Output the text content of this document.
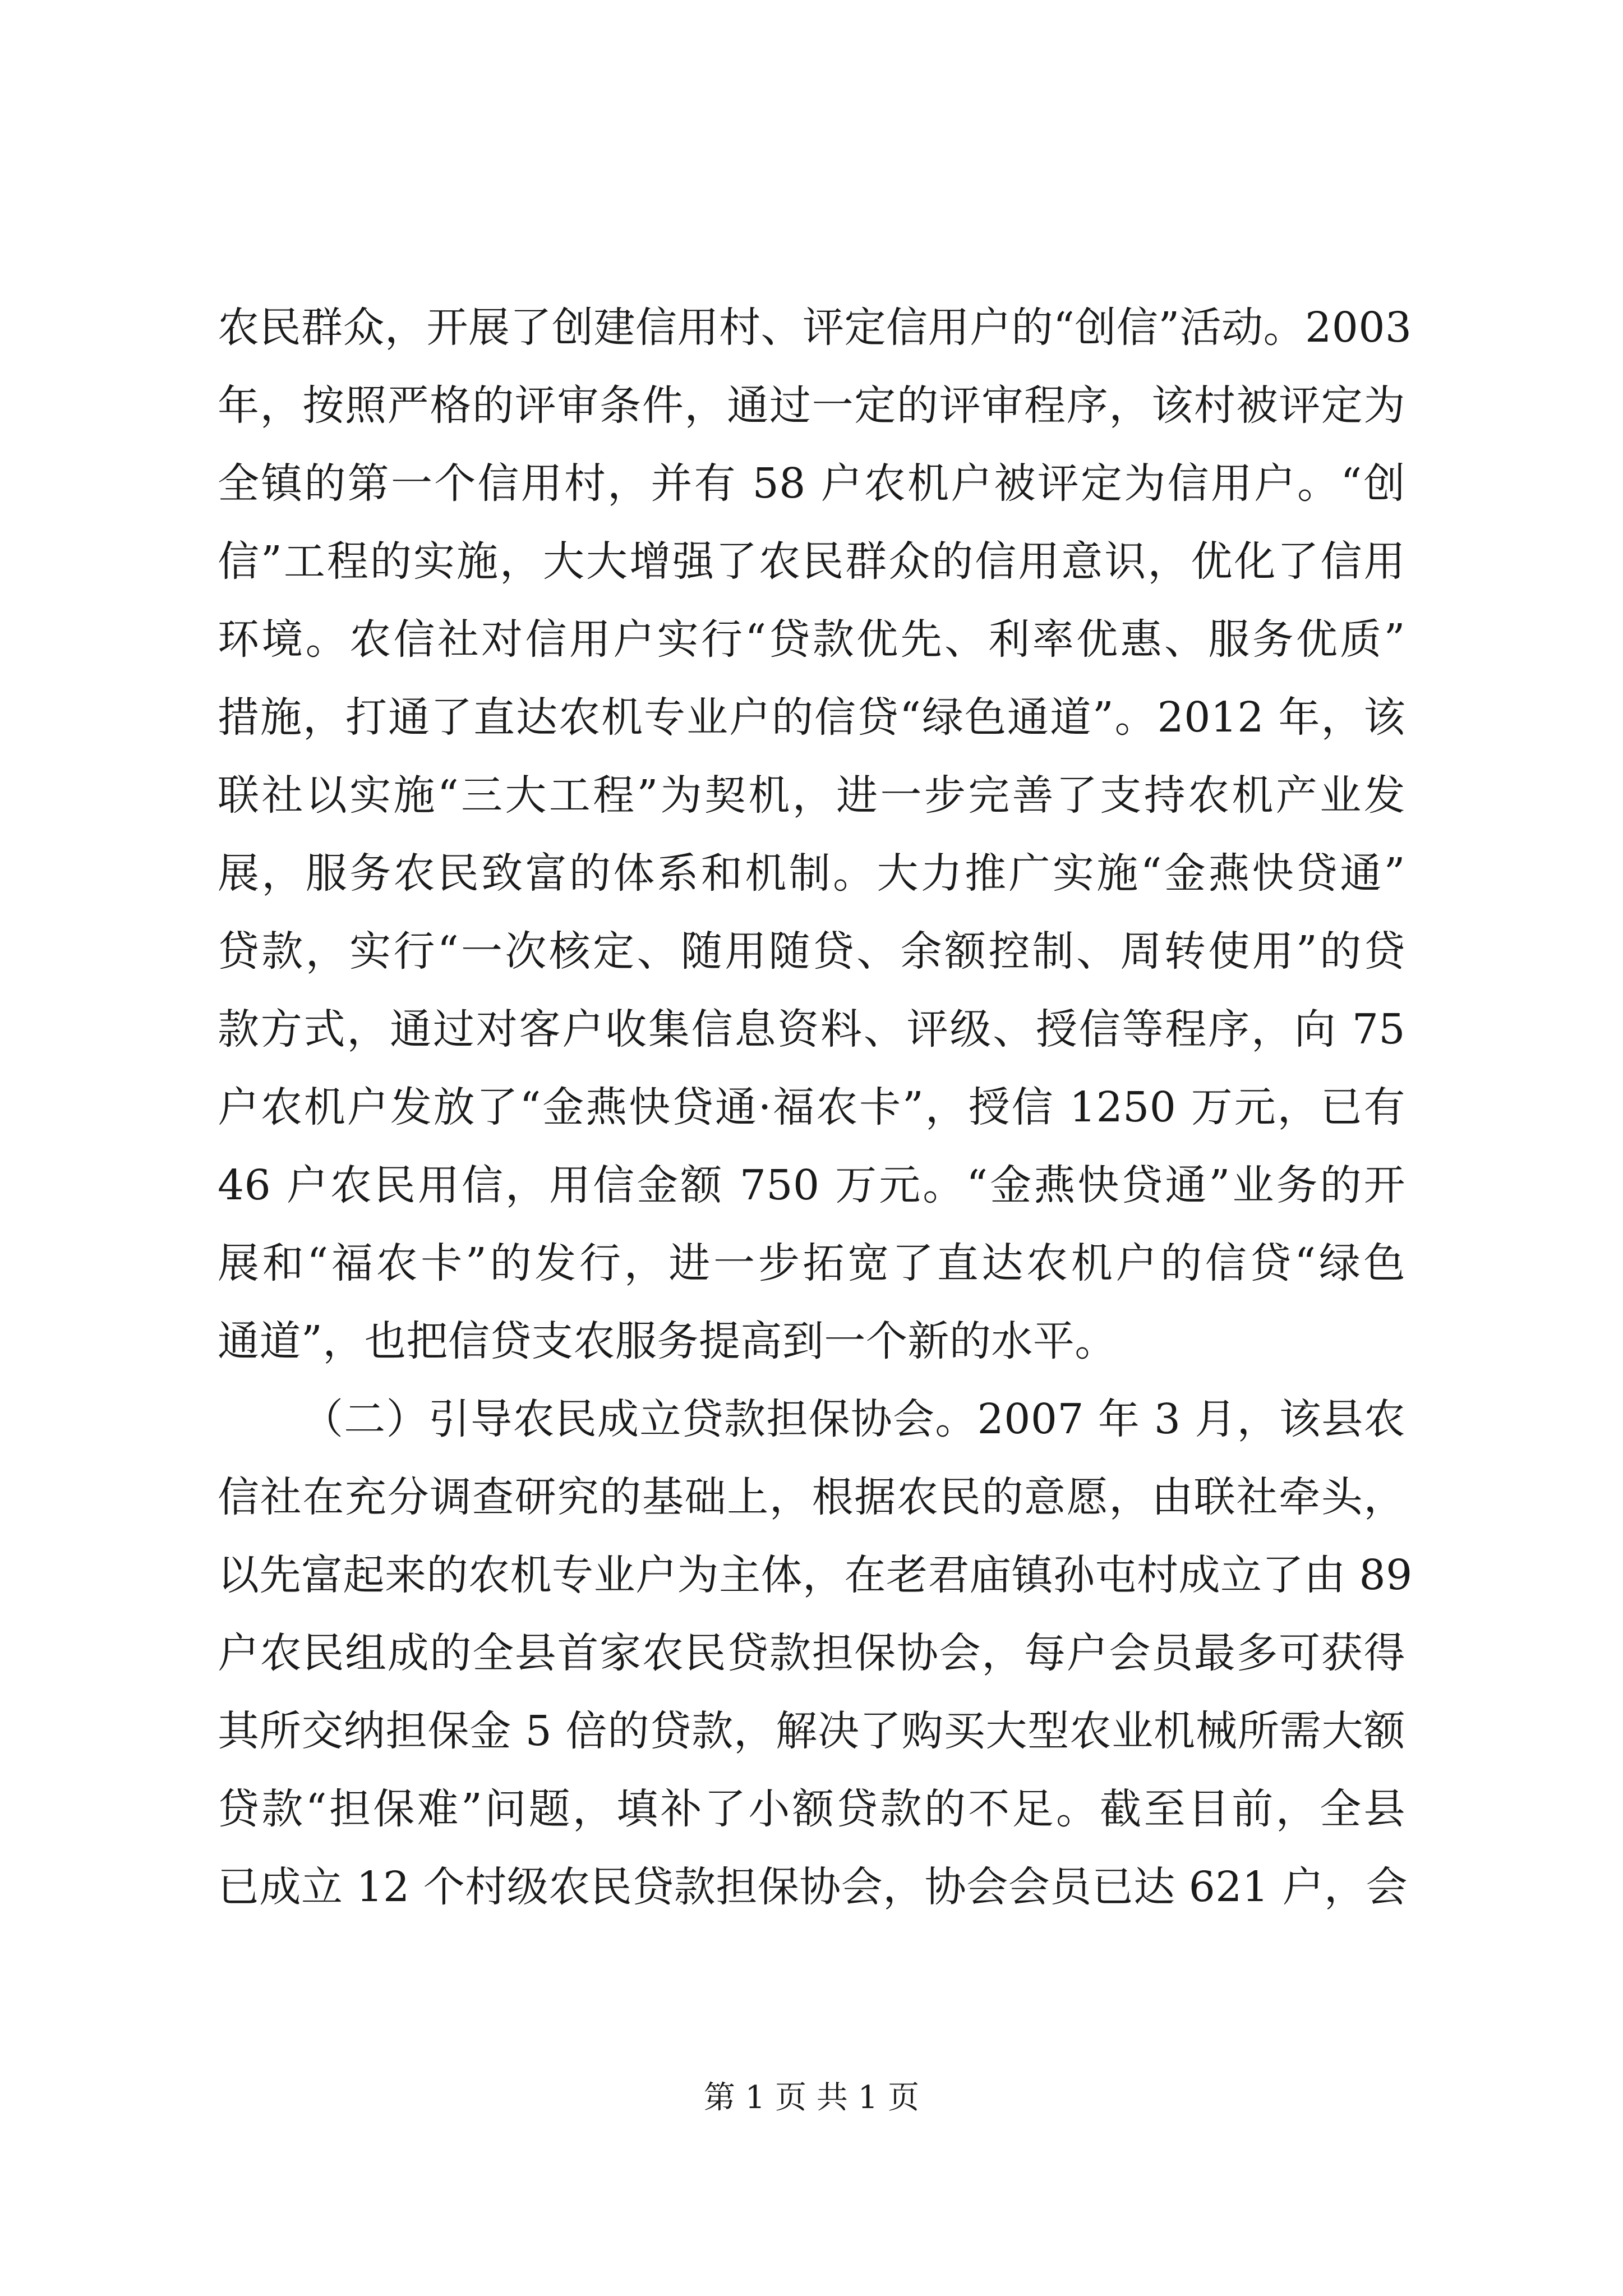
农民群众，开展了创建信用村、评定信用户的“创信”活动。2003
年，按照严格的评审条件，通过一定的评审程序，该村被评定为
全镇的第一个信用村，并有 58 户农机户被评定为信用户。“创
信”工程的实施，大大增强了农民群众的信用意识，优化了信用
环境。农信社对信用户实行“贷款优先、利率优惠、服务优质”
措施，打通了直达农机专业户的信贷“绿色通道”。2012 年，该
联社以实施“三大工程”为契机，进一步完善了支持农机产业发
展，服务农民致富的体系和机制。大力推广实施“金燕快贷通”
贷款，实行“一次核定、随用随贷、余额控制、周转使用”的贷
款方式，通过对客户收集信息资料、评级、授信等程序，向 75
户农机户发放了“金燕快贷通·福农卡”，授信 1250 万元，已有
46 户农民用信，用信金额 750 万元。“金燕快贷通”业务的开
展和“福农卡”的发行，进一步拓宽了直达农机户的信贷“绿色
通道”，也把信贷支农服务提高到一个新的水平。
（二）引导农民成立贷款担保协会。2007 年 3 月，该县农
信社在充分调查研究的基础上，根据农民的意愿，由联社牵头，
以先富起来的农机专业户为主体，在老君庙镇孙屯村成立了由 89
户农民组成的全县首家农民贷款担保协会，每户会员最多可获得
其所交纳担保金 5 倍的贷款，解决了购买大型农业机械所需大额
贷款“担保难”问题，填补了小额贷款的不足。截至目前，全县
已成立 12 个村级农民贷款担保协会，协会会员已达 621 户，会
第 1 页 共 1 页
